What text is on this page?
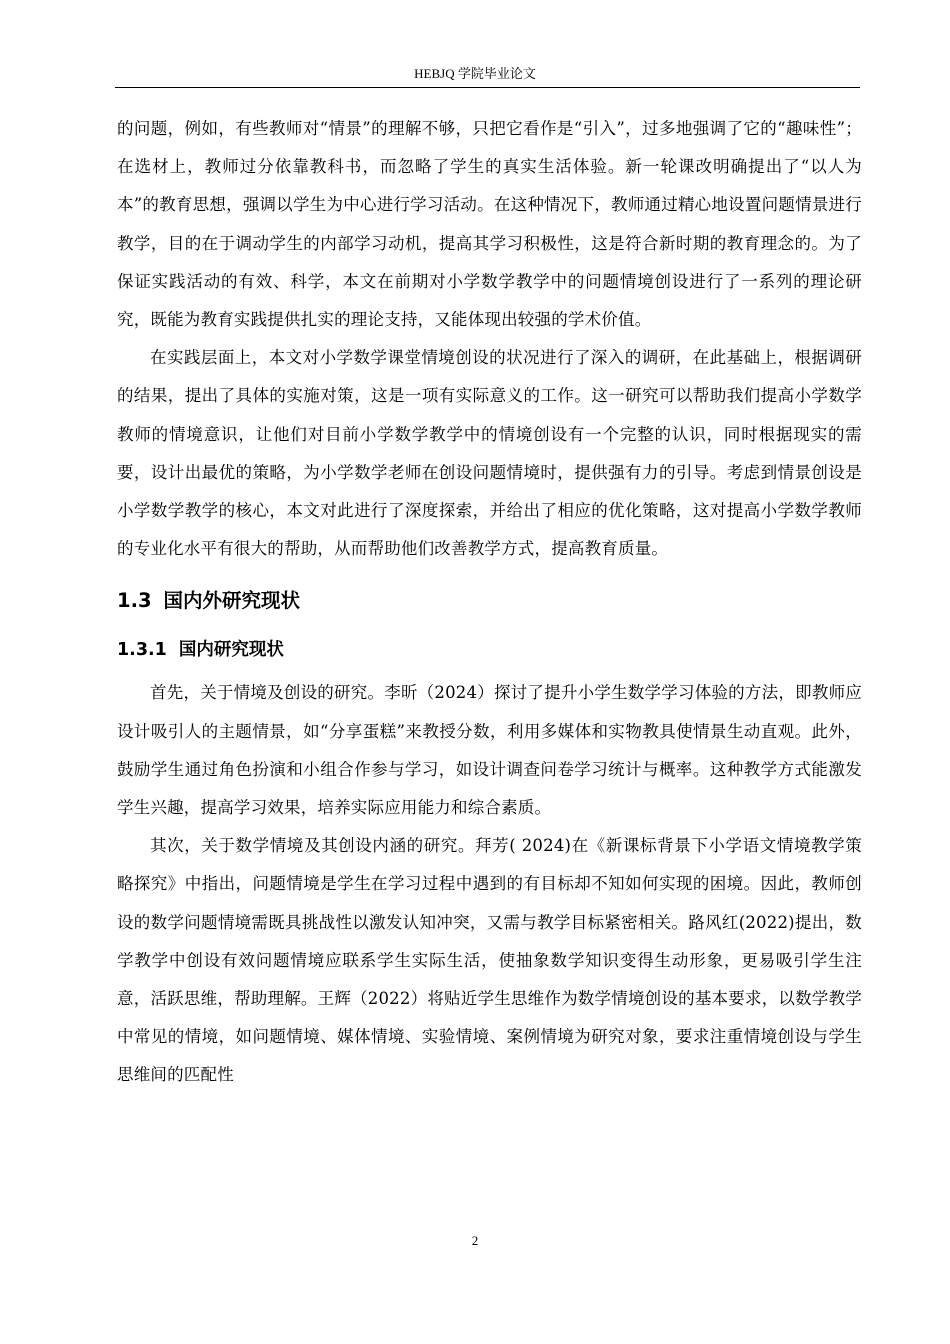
HEBJQ 学院毕业论文

的问题，例如，有些教师对“情景”的理解不够，只把它看作是“引入”，过多地强调了它的“趣味性”；在选材上，教师过分依靠教科书，而忽略了学生的真实生活体验。新一轮课改明确提出了“以人为本”的教育思想，强调以学生为中心进行学习活动。在这种情况下，教师通过精心地设置问题情景进行教学，目的在于调动学生的内部学习动机，提高其学习积极性，这是符合新时期的教育理念的。为了保证实践活动的有效、科学，本文在前期对小学数学教学中的问题情境创设进行了一系列的理论研究，既能为教育实践提供扎实的理论支持，又能体现出较强的学术价值。

在实践层面上，本文对小学数学课堂情境创设的状况进行了深入的调研，在此基础上，根据调研的结果，提出了具体的实施对策，这是一项有实际意义的工作。这一研究可以帮助我们提高小学数学教师的情境意识，让他们对目前小学数学教学中的情境创设有一个完整的认识，同时根据现实的需要，设计出最优的策略，为小学数学老师在创设问题情境时，提供强有力的引导。考虑到情景创设是小学数学教学的核心，本文对此进行了深度探索，并给出了相应的优化策略，这对提高小学数学教师的专业化水平有很大的帮助，从而帮助他们改善教学方式，提高教育质量。

1.3 国内外研究现状
1.3.1 国内研究现状

首先，关于情境及创设的研究。李昕（2024）探讨了提升小学生数学学习体验的方法，即教师应设计吸引人的主题情景，如“分享蛋糕”来教授分数，利用多媒体和实物教具使情景生动直观。此外，鼓励学生通过角色扮演和小组合作参与学习，如设计调查问卷学习统计与概率。这种教学方式能激发学生兴趣，提高学习效果，培养实际应用能力和综合素质。

其次，关于数学情境及其创设内涵的研究。拜芳( 2024)在《新课标背景下小学语文情境教学策略探究》中指出，问题情境是学生在学习过程中遇到的有目标却不知如何实现的困境。因此，教师创设的数学问题情境需既具挑战性以激发认知冲突，又需与教学目标紧密相关。路风红(2022)提出，数学教学中创设有效问题情境应联系学生实际生活，使抽象数学知识变得生动形象，更易吸引学生注意，活跃思维，帮助理解。王辉（2022）将贴近学生思维作为数学情境创设的基本要求，以数学教学中常见的情境，如问题情境、媒体情境、实验情境、案例情境为研究对象，要求注重情境创设与学生思维间的匹配性

2
